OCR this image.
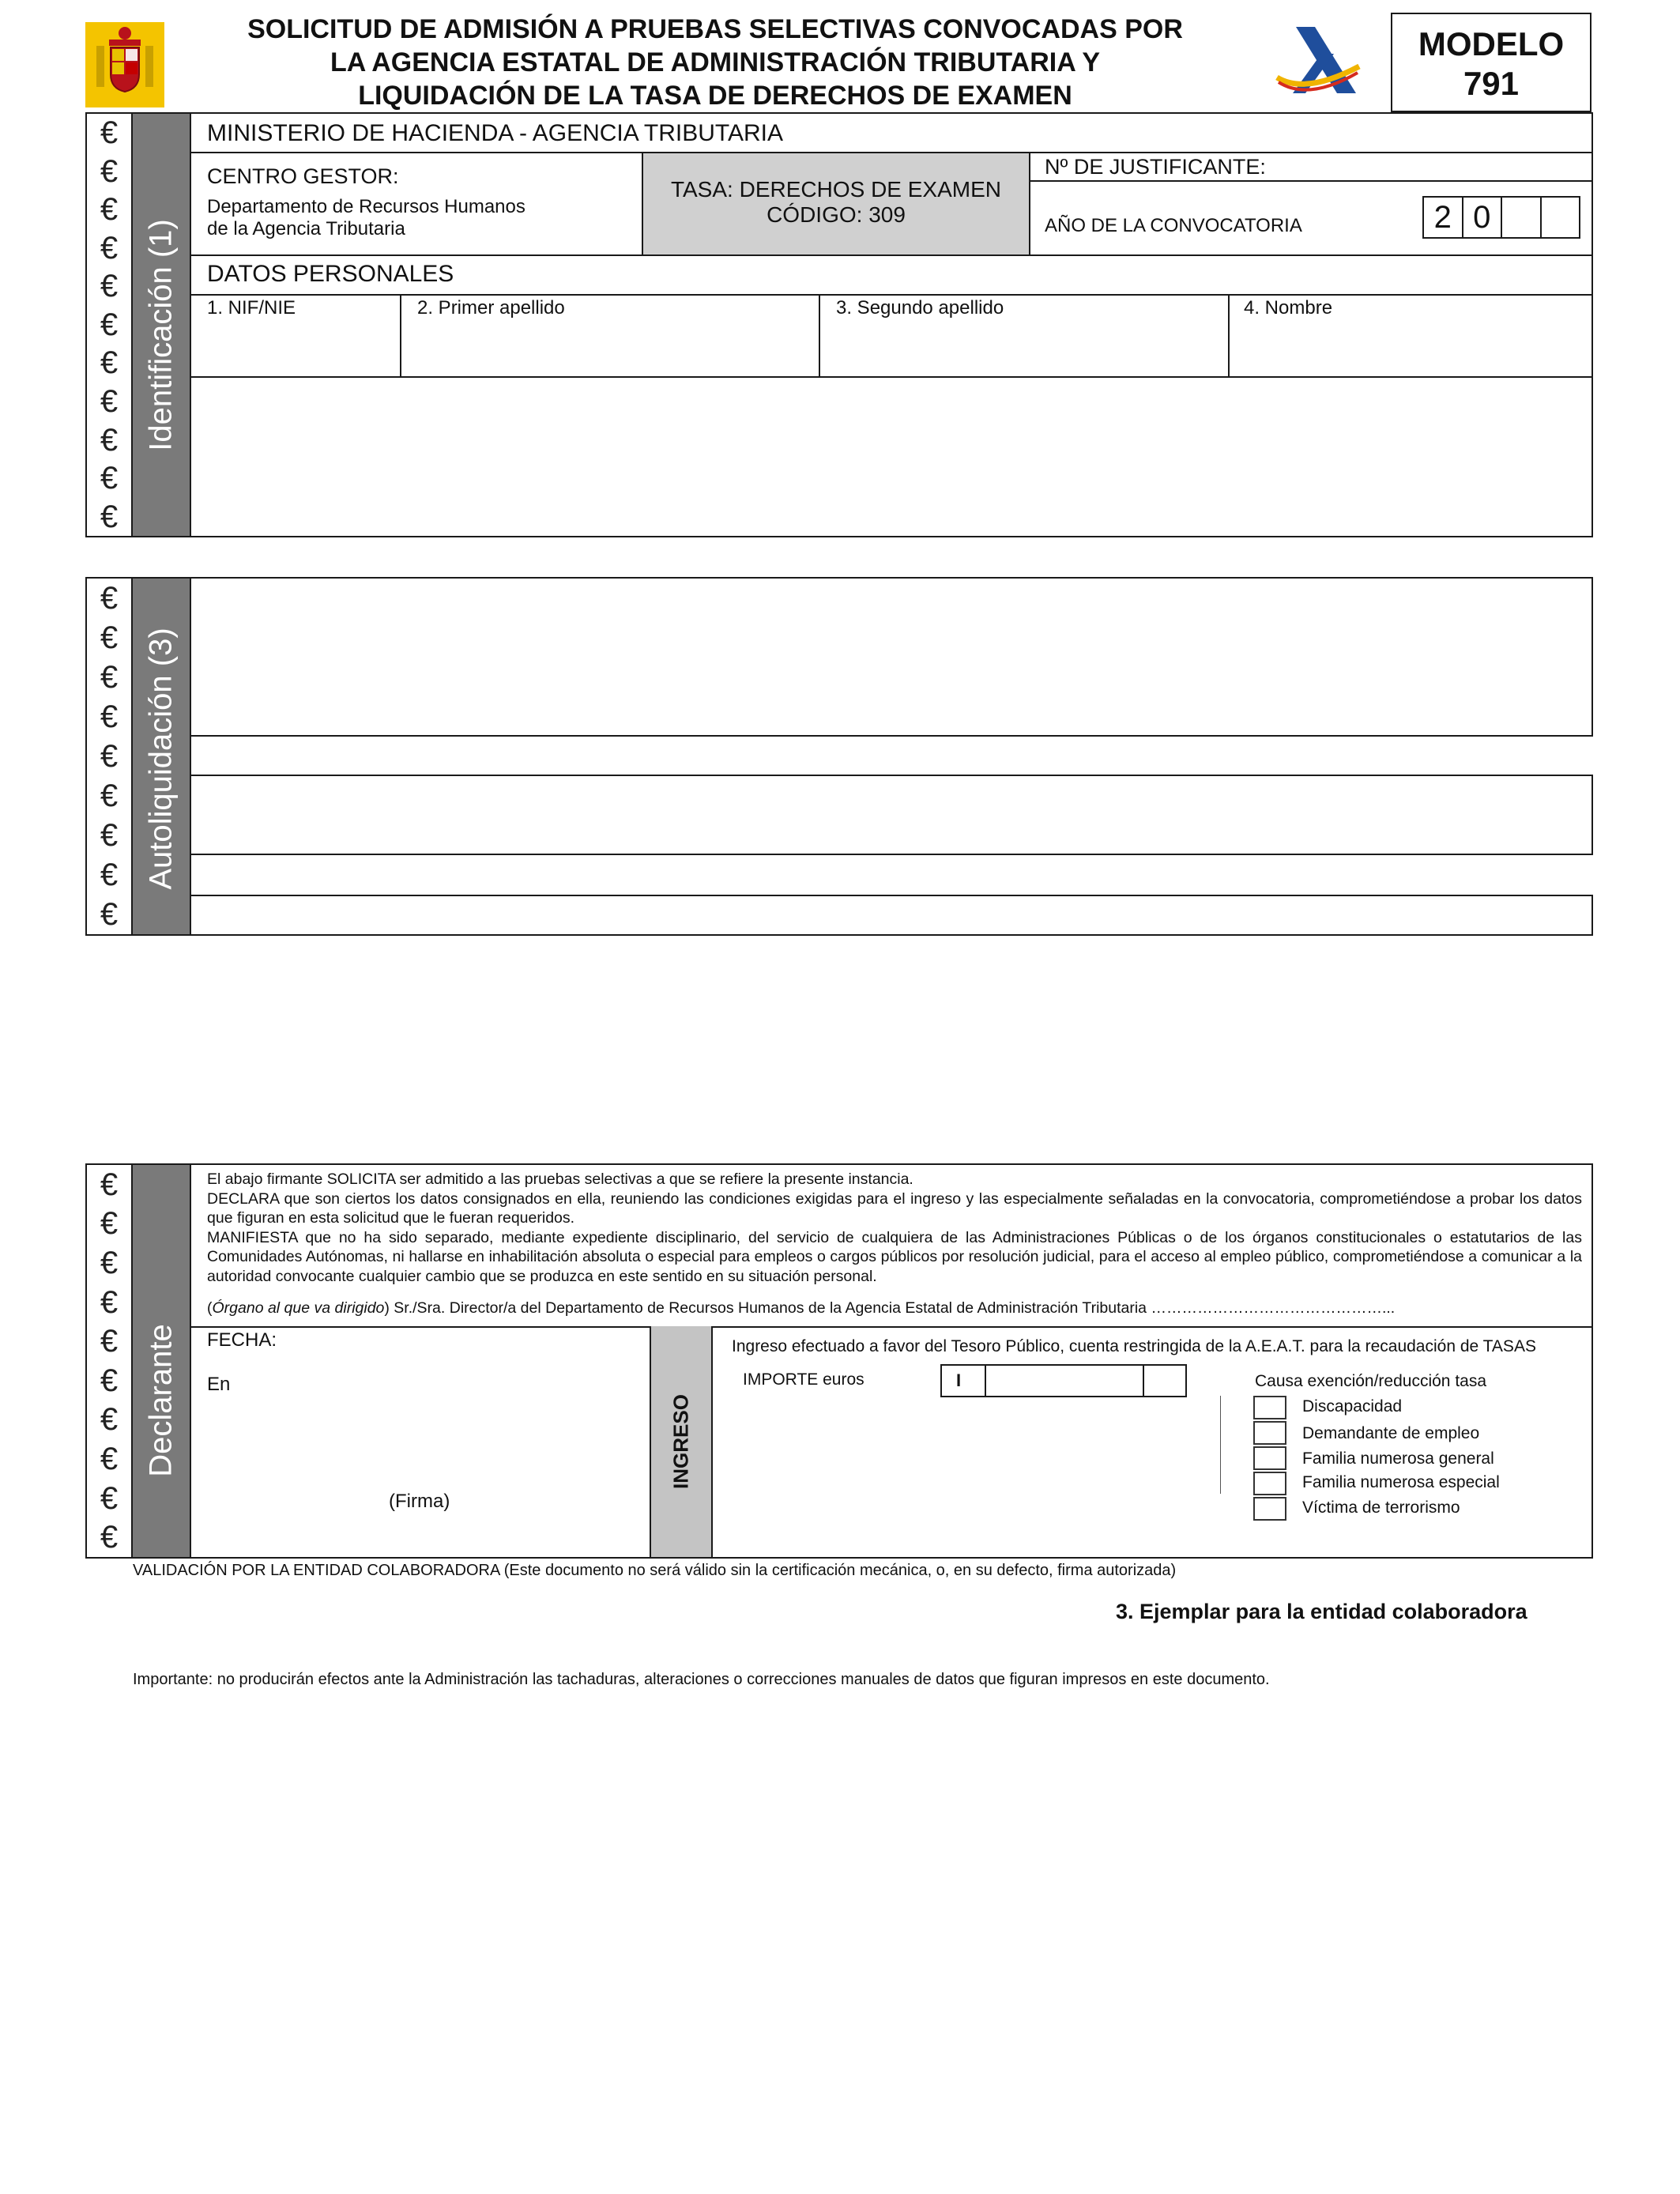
SOLICITUD DE ADMISIÓN A PRUEBAS SELECTIVAS CONVOCADAS POR
LA AGENCIA ESTATAL DE ADMINISTRACIÓN TRIBUTARIA Y
LIQUIDACIÓN DE LA TASA DE DERECHOS DE EXAMEN
MODELO
791
€
€
€
€
€
€
€
€
€
€
€
Identificación (1)
MINISTERIO DE HACIENDA - AGENCIA TRIBUTARIA
CENTRO GESTOR:
Departamento de Recursos Humanos
de la Agencia Tributaria
TASA: DERECHOS DE EXAMEN
CÓDIGO: 309
Nº DE JUSTIFICANTE:
AÑO DE LA CONVOCATORIA	2 0
DATOS PERSONALES
1. NIF/NIE	2. Primer apellido	3. Segundo apellido	4. Nombre
€
€
€
€
€
€
€
€
€
Autoliquidación (3)
€
€
€
€
€
€
€
€
€
€
Declarante
El abajo firmante SOLICITA ser admitido a las pruebas selectivas a que se refiere la presente instancia.
DECLARA que son ciertos los datos consignados en ella, reuniendo las condiciones exigidas para el ingreso y las especialmente señaladas en la convocatoria, comprometiéndose a probar los datos que figuran en esta solicitud que le fueran requeridos.
MANIFIESTA que no ha sido separado, mediante expediente disciplinario, del servicio de cualquiera de las Administraciones Públicas o de los órganos constitucionales o estatutarios de las Comunidades Autónomas, ni hallarse en inhabilitación absoluta o especial para empleos o cargos públicos por resolución judicial, para el acceso al empleo público, comprometiéndose a comunicar a la autoridad convocante cualquier cambio que se produzca en este sentido en su situación personal.
(Órgano al que va dirigido) Sr./Sra. Director/a del Departamento de Recursos Humanos de la Agencia Estatal de Administración Tributaria ………………………………………...
FECHA:
En
(Firma)
INGRESO
Ingreso efectuado a favor del Tesoro Público, cuenta restringida de la A.E.A.T. para la recaudación de TASAS
IMPORTE euros	I	Causa exención/reducción tasa
Discapacidad
Demandante de empleo
Familia numerosa general
Familia numerosa especial
Víctima de terrorismo
VALIDACIÓN POR LA ENTIDAD COLABORADORA (Este documento no será válido sin la certificación mecánica, o, en su defecto, firma autorizada)
3. Ejemplar para la entidad colaboradora
Importante: no producirán efectos ante la Administración las tachaduras, alteraciones o correcciones manuales de datos que figuran impresos en este documento.
